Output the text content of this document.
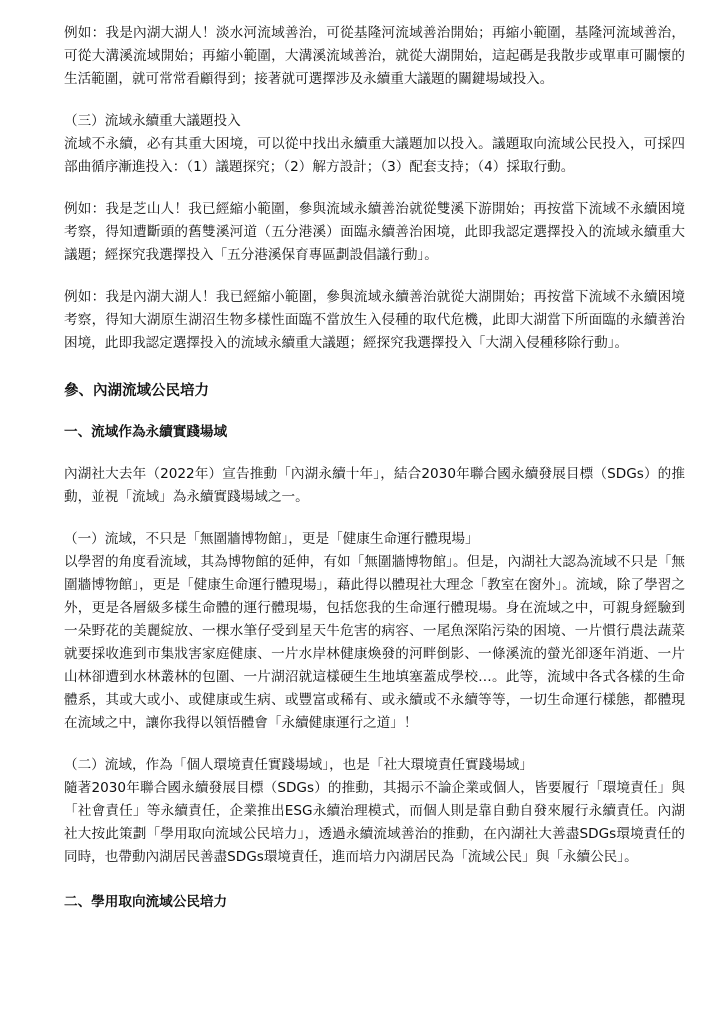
例如：我是內湖大湖人！淡水河流域善治，可從基隆河流域善治開始；再縮小範圍，基隆河流域善治，可從大溝溪流域開始；再縮小範圍，大溝溪流域善治，就從大湖開始，這起碼是我散步或單車可關懷的生活範圍，就可常常看顧得到；接著就可選擇涉及永續重大議題的關鍵場域投入。

（三）流域永續重大議題投入

流域不永續，必有其重大困境，可以從中找出永續重大議題加以投入。議題取向流域公民投入，可採四部曲循序漸進投入：（1）議題探究；（2）解方設計；（3）配套支持；（4）採取行動。

例如：我是芝山人！我已經縮小範圍，參與流域永續善治就從雙溪下游開始；再按當下流域不永續困境考察，得知遭斷頭的舊雙溪河道（五分港溪）面臨永續善治困境，此即我認定選擇投入的流域永續重大議題；經探究我選擇投入「五分港溪保育專區劃設倡議行動」。

例如：我是內湖大湖人！我已經縮小範圍，參與流域永續善治就從大湖開始；再按當下流域不永續困境考察，得知大湖原生湖沼生物多樣性面臨不當放生入侵種的取代危機，此即大湖當下所面臨的永續善治困境，此即我認定選擇投入的流域永續重大議題；經探究我選擇投入「大湖入侵種移除行動」。

參、內湖流域公民培力
一、流域作為永續實踐場域

內湖社大去年（2022年）宣告推動「內湖永續十年」，結合2030年聯合國永續發展目標（SDGs）的推動，並視「流域」為永續實踐場域之一。

（一）流域，不只是「無圍牆博物館」，更是「健康生命運行體現場」

以學習的角度看流域，其為博物館的延伸，有如「無圍牆博物館」。但是，內湖社大認為流域不只是「無圍牆博物館」，更是「健康生命運行體現場」，藉此得以體現社大理念「教室在窗外」。流域，除了學習之外，更是各層級多樣生命體的運行體現場，包括您我的生命運行體現場。身在流域之中，可親身經驗到一朵野花的美麗綻放、一棵水筆仔受到星天牛危害的病容、一尾魚深陷污染的困境、一片慣行農法蔬菜就要採收進到市集戕害家庭健康、一片水岸林健康煥發的河畔倒影、一條溪流的螢光卻逐年消逝、一片山林卻遭到水林叢林的包圍、一片湖沼就這樣硬生生地填塞蓋成學校…。此等，流域中各式各樣的生命體系，其或大或小、或健康或生病、或豐富或稀有、或永續或不永續等等，一切生命運行樣態，都體現在流域之中，讓你我得以領悟體會「永續健康運行之道」！

（二）流域，作為「個人環境責任實踐場域」，也是「社大環境責任實踐場域」

隨著2030年聯合國永續發展目標（SDGs）的推動，其揭示不論企業或個人，皆要履行「環境責任」與「社會責任」等永續責任，企業推出ESG永續治理模式，而個人則是靠自動自發來履行永續責任。內湖社大按此策劃「學用取向流域公民培力」，透過永續流域善治的推動，在內湖社大善盡SDGs環境責任的同時，也帶動內湖居民善盡SDGs環境責任，進而培力內湖居民為「流域公民」與「永續公民」。

二、學用取向流域公民培力
